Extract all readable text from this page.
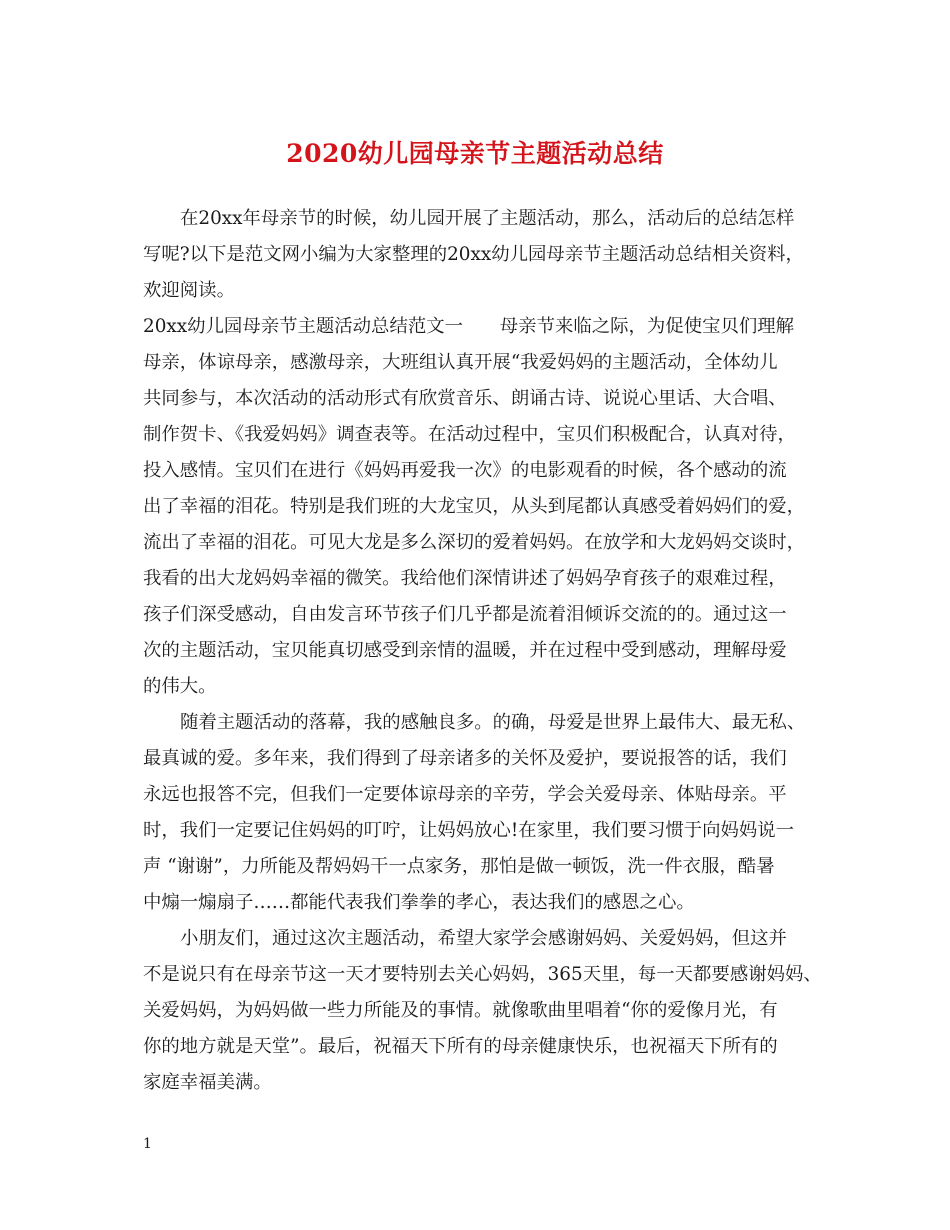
2020幼儿园母亲节主题活动总结

在20xx年母亲节的时候，幼儿园开展了主题活动，那么，活动后的总结怎样

写呢?以下是范文网小编为大家整理的20xx幼儿园母亲节主题活动总结相关资料，

欢迎阅读。

20xx幼儿园母亲节主题活动总结范文一　　母亲节来临之际，为促使宝贝们理解

母亲，体谅母亲，感激母亲，大班组认真开展“我爱妈妈的主题活动，全体幼儿

共同参与，本次活动的活动形式有欣赏音乐、朗诵古诗、说说心里话、大合唱、

制作贺卡、《我爱妈妈》调查表等。在活动过程中，宝贝们积极配合，认真对待，

投入感情。宝贝们在进行《妈妈再爱我一次》的电影观看的时候，各个感动的流

出了幸福的泪花。特别是我们班的大龙宝贝，从头到尾都认真感受着妈妈们的爱，

流出了幸福的泪花。可见大龙是多么深切的爱着妈妈。在放学和大龙妈妈交谈时，

我看的出大龙妈妈幸福的微笑。我给他们深情讲述了妈妈孕育孩子的艰难过程，

孩子们深受感动，自由发言环节孩子们几乎都是流着泪倾诉交流的的。通过这一

次的主题活动，宝贝能真切感受到亲情的温暖，并在过程中受到感动，理解母爱

的伟大。

随着主题活动的落幕，我的感触良多。的确，母爱是世界上最伟大、最无私、

最真诚的爱。多年来，我们得到了母亲诸多的关怀及爱护，要说报答的话，我们

永远也报答不完，但我们一定要体谅母亲的辛劳，学会关爱母亲、体贴母亲。平

时，我们一定要记住妈妈的叮咛，让妈妈放心!在家里，我们要习惯于向妈妈说一

声 “谢谢”，力所能及帮妈妈干一点家务，那怕是做一顿饭，洗一件衣服，酷暑

中煽一煽扇子……都能代表我们拳拳的孝心，表达我们的感恩之心。

小朋友们，通过这次主题活动，希望大家学会感谢妈妈、关爱妈妈，但这并

不是说只有在母亲节这一天才要特别去关心妈妈，365天里，每一天都要感谢妈妈、

关爱妈妈，为妈妈做一些力所能及的事情。就像歌曲里唱着“你的爱像月光，有

你的地方就是天堂”。最后，祝福天下所有的母亲健康快乐，也祝福天下所有的

家庭幸福美满。

1
